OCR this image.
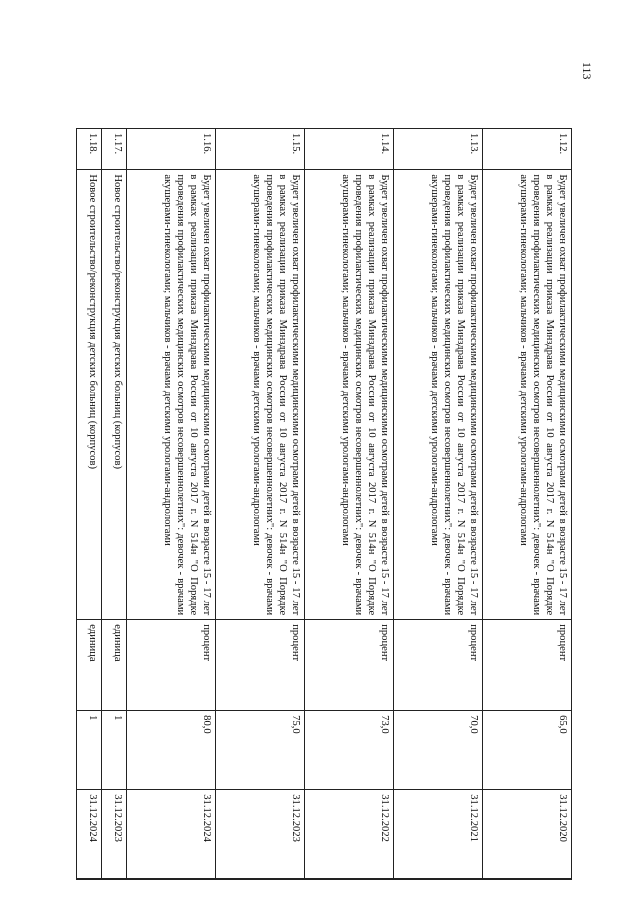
113
1.12.	Будет увеличен охват профилактическими медицинскими осмотрами детей в возрасте 15 - 17 лет в рамках реализации приказа Минздрава России от 10 августа 2017 г. N 514н "О Порядке проведения профилактических медицинских осмотров несовершеннолетних": девочек - врачами акушерами-гинекологами; мальчиков - врачами детскими урологами-андрологами	процент	65,0	31.12.2020	
1.13.	Будет увеличен охват профилактическими медицинскими осмотрами детей в возрасте 15 - 17 лет в рамках реализации приказа Минздрава России от 10 августа 2017 г. N 514н "О Порядке проведения профилактических медицинских осмотров несовершеннолетних": девочек - врачами акушерами-гинекологами; мальчиков - врачами детскими урологами-андрологами	процент	70,0	31.12.2021	
1.14.	Будет увеличен охват профилактическими медицинскими осмотрами детей в возрасте 15 - 17 лет в рамках реализации приказа Минздрава России от 10 августа 2017 г. N 514н "О Порядке проведения профилактических медицинских осмотров несовершеннолетних": девочек - врачами акушерами-гинекологами; мальчиков - врачами детскими урологами-андрологами	процент	73,0	31.12.2022	
1.15.	Будет увеличен охват профилактическими медицинскими осмотрами детей в возрасте 15 - 17 лет в рамках реализации приказа Минздрава России от 10 августа 2017 г. N 514н "О Порядке проведения профилактических медицинских осмотров несовершеннолетних": девочек - врачами акушерами-гинекологами; мальчиков - врачами детскими урологами-андрологами	процент	75,0	31.12.2023	
1.16.	Будет увеличен охват профилактическими медицинскими осмотрами детей в возрасте 15 - 17 лет в рамках реализации приказа Минздрава России от 10 августа 2017 г. N 514н "О Порядке проведения профилактических медицинских осмотров несовершеннолетних": девочек - врачами акушерами-гинекологами; мальчиков - врачами детскими урологами-андрологами	процент	80,0	31.12.2024	
1.17.	Новое строительство/реконструкция детских больниц (корпусов)	единица	1	31.12.2023	
1.18.	Новое строительство/реконструкция детских больниц (корпусов)	единица	1	31.12.2024	
